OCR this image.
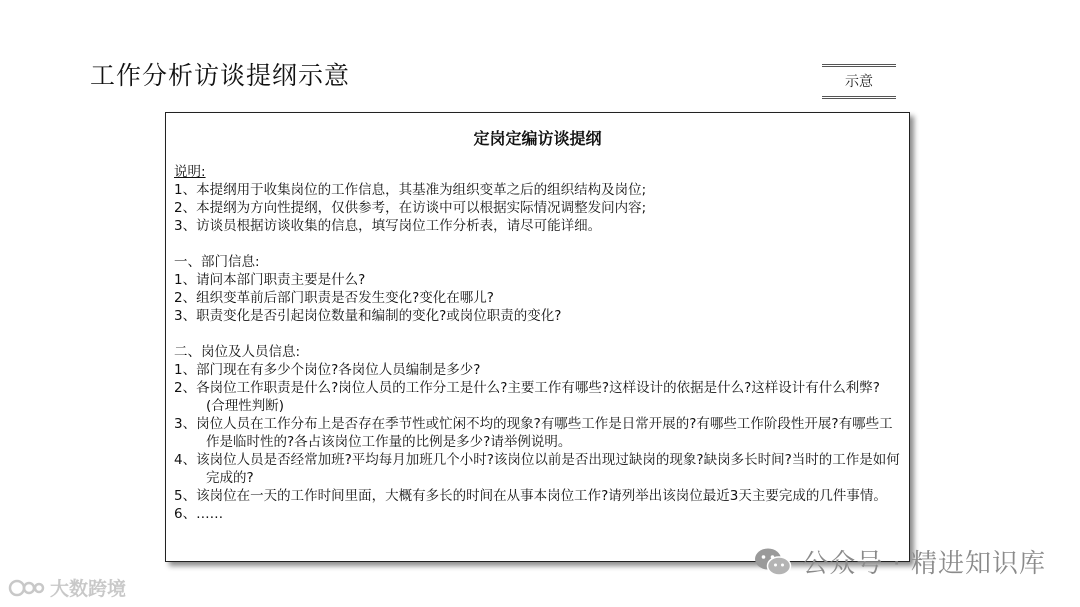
工作分析访谈提纲示意	示意
定岗定编访谈提纲
说明:
1、本提纲用于收集岗位的工作信息，其基准为组织变革之后的组织结构及岗位;
2、本提纲为方向性提纲，仅供参考，在访谈中可以根据实际情况调整发问内容;
3、访谈员根据访谈收集的信息，填写岗位工作分析表，请尽可能详细。
一、部门信息:
1、请问本部门职责主要是什么?
2、组织变革前后部门职责是否发生变化?变化在哪儿?
3、职责变化是否引起岗位数量和编制的变化?或岗位职责的变化?
二、岗位及人员信息:
1、部门现在有多少个岗位?各岗位人员编制是多少?
2、各岗位工作职责是什么?岗位人员的工作分工是什么?主要工作有哪些?这样设计的依据是什么?这样设计有什么利弊? (合理性判断)
3、岗位人员在工作分布上是否存在季节性或忙闲不均的现象?有哪些工作是日常开展的?有哪些工作阶段性开展?有哪些工作是临时性的?各占该岗位工作量的比例是多少?请举例说明。
4、该岗位人员是否经常加班?平均每月加班几个小时?该岗位以前是否出现过缺岗的现象?缺岗多长时间?当时的工作是如何完成的?
5、该岗位在一天的工作时间里面，大概有多长的时间在从事本岗位工作?请列举出该岗位最近3天主要完成的几件事情。
6、……
公众号 · 精进知识库
大数跨境
